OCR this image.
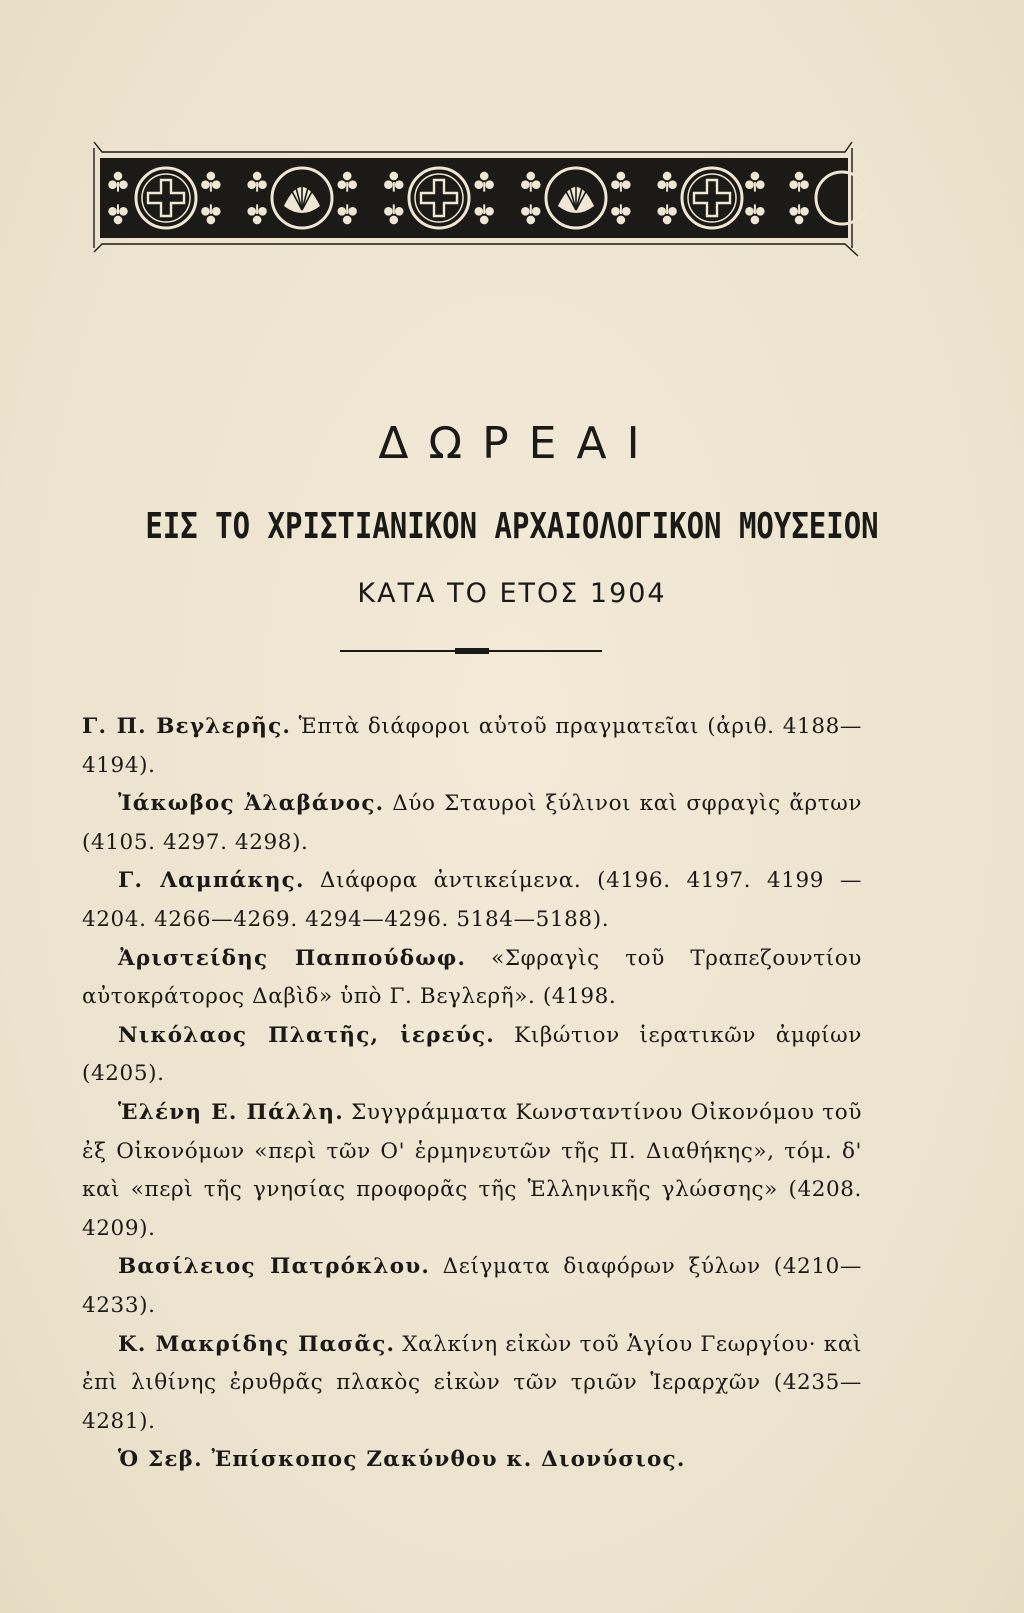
ΔΩΡΕΑΙ
ΕΙΣ ΤΟ ΧΡΙΣΤΙΑΝΙΚΟΝ ΑΡΧΑΙΟΛΟΓΙΚΟΝ ΜΟΥΣΕΙΟΝ
ΚΑΤΑ ΤΟ ΕΤΟΣ 1904

Γ. Π. Βεγλερῆς. Ἑπτὰ διάφοροι αὐτοῦ πραγματεῖαι (ἀριθ. 4188—4194).

Ἰάκωβος Ἀλαβάνος. Δύο Σταυροὶ ξύλινοι καὶ σφραγὶς ἄρτων (4105. 4297. 4298).

Γ. Λαμπάκης. Διάφορα ἀντικείμενα. (4196. 4197. 4199 —4204. 4266—4269. 4294—4296. 5184—5188).

Ἀριστείδης Παππούδωφ. «Σφραγὶς τοῦ Τραπεζουντίου αὐτοκράτορος Δαβὶδ» ὑπὸ Γ. Βεγλερῆ». (4198.

Νικόλαος Πλατῆς, ἱερεύς. Κιβώτιον ἱερατικῶν ἀμφίων (4205).

Ἑλένη Ε. Πάλλη. Συγγράμματα Κωνσταντίνου Οἰκονόμου τοῦ ἐξ Οἰκονόμων «περὶ τῶν Ο' ἑρμηνευτῶν τῆς Π. Διαθήκης», τόμ. δ' καὶ «περὶ τῆς γνησίας προφορᾶς τῆς Ἑλληνικῆς γλώσσης» (4208. 4209).

Βασίλειος Πατρόκλου. Δείγματα διαφόρων ξύλων (4210—4233).

Κ. Μακρίδης Πασᾶς. Χαλκίνη εἰκὼν τοῦ Ἁγίου Γεωργίου· καὶ ἐπὶ λιθίνης ἐρυθρᾶς πλακὸς εἰκὼν τῶν τριῶν Ἱεραρχῶν (4235—4281).

Ὁ Σεβ. Ἐπίσκοπος Ζακύνθου κ. Διονύσιος.
